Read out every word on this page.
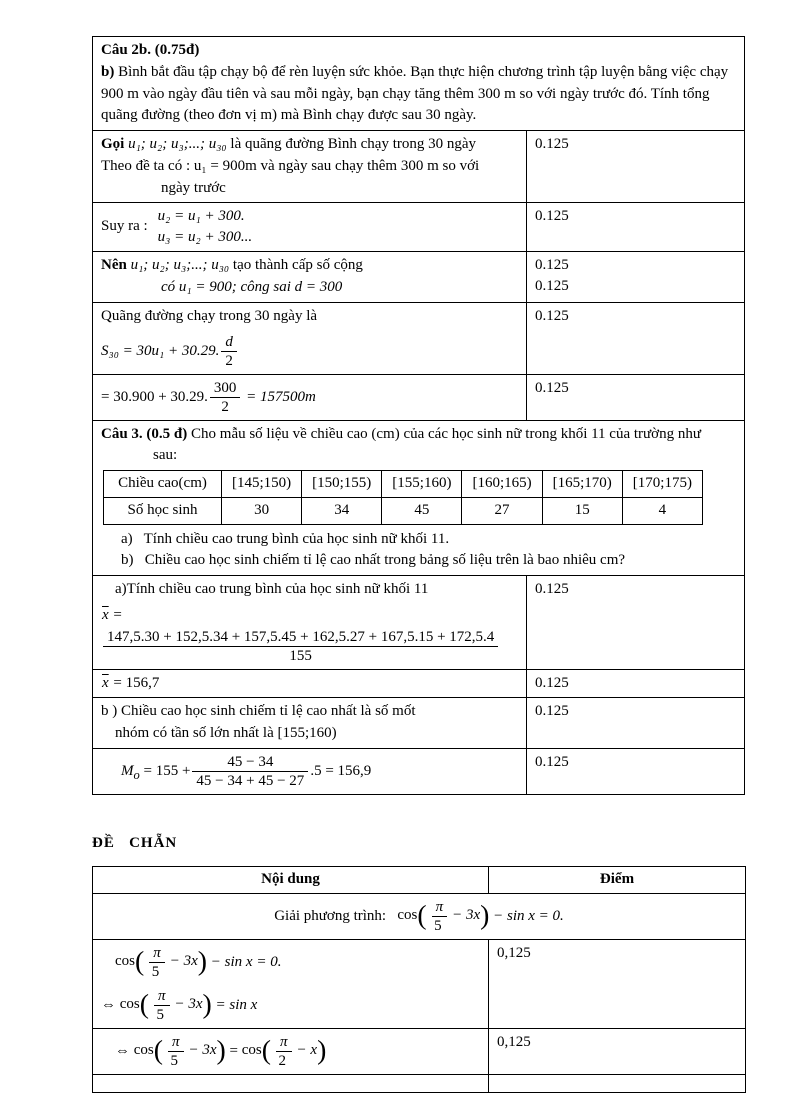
Câu 2b. (0.75đ)
b) Bình bắt đầu tập chạy bộ để rèn luyện sức khỏe. Bạn thực hiện chương trình tập luyện bằng việc chạy 900 m vào ngày đầu tiên và sau mỗi ngày, bạn chạy tăng thêm 300 m so với ngày trước đó. Tính tổng quãng đường (theo đơn vị m) mà Bình chạy được sau 30 ngày.

Gọi u₁; u₂; u₃;...; u₃₀ là quãng đường Bình chạy trong 30 ngày
Theo đề ta có : u₁ = 900m và ngày sau chạy thêm 300 m so với
ngày trước
	0.125

Suy ra :
u₂ = u₁ + 300.
u₃ = u₂ + 300...
	0.125

Nên u₁; u₂; u₃;...; u₃₀ tạo thành cấp số cộng
có u₁ = 900; công sai d = 300

0.125
0.125

Quãng đường chạy trong 30 ngày là
S₃₀ = 30u₁ + 30.29. $\frac{d}{2}$
	0.125

= 30.900 + 30.29. $\frac{300}{2} = 157500m$
	0.125

Câu 3. (0.5 đ) Cho mẫu số liệu về chiều cao (cm) của các học sinh nữ trong khối 11 của trường như
sau:
Chiều cao(cm)	[145;150)	[150;155)	[155;160)	[160;165)	[165;170)	[170;175)
Số học sinh	30	34	45	27	15	4
a) Tính chiều cao trung bình của học sinh nữ khối 11.
b) Chiều cao học sinh chiếm tỉ lệ cao nhất trong bảng số liệu trên là bao nhiêu cm?

a)Tính chiều cao trung bình của học sinh nữ khối 11
$\overline{x}$ =
147,5.30 + 152,5.34 + 157,5.45 + 162,5.27 + 167,5.15 + 172,5.4
155
	0.125

$\overline{x} = 156,7$	0.125

b ) Chiều cao học sinh chiếm tỉ lệ cao nhất là số mốt
nhóm có tần số lớn nhất là [155;160)
	0.125

$M_o = 155 + \frac{45 - 34}{45 - 34 + 45 - 27} .5 = 156,9$
	0.125
ĐỀ   CHẴN
Nội dung	Điểm
Giải phương trình: $\cos( \frac{\pi}{5} - 3x) - \sin x = 0$.	

$\cos( \frac{\pi}{5} - 3x) - \sin x = 0$.
⇔ $\cos( \frac{\pi}{5} - 3x) = \sin x$
	0,125

⇔ $\cos( \frac{\pi}{5} - 3x) = \cos( \frac{\pi}{2} - x)$	0,125
